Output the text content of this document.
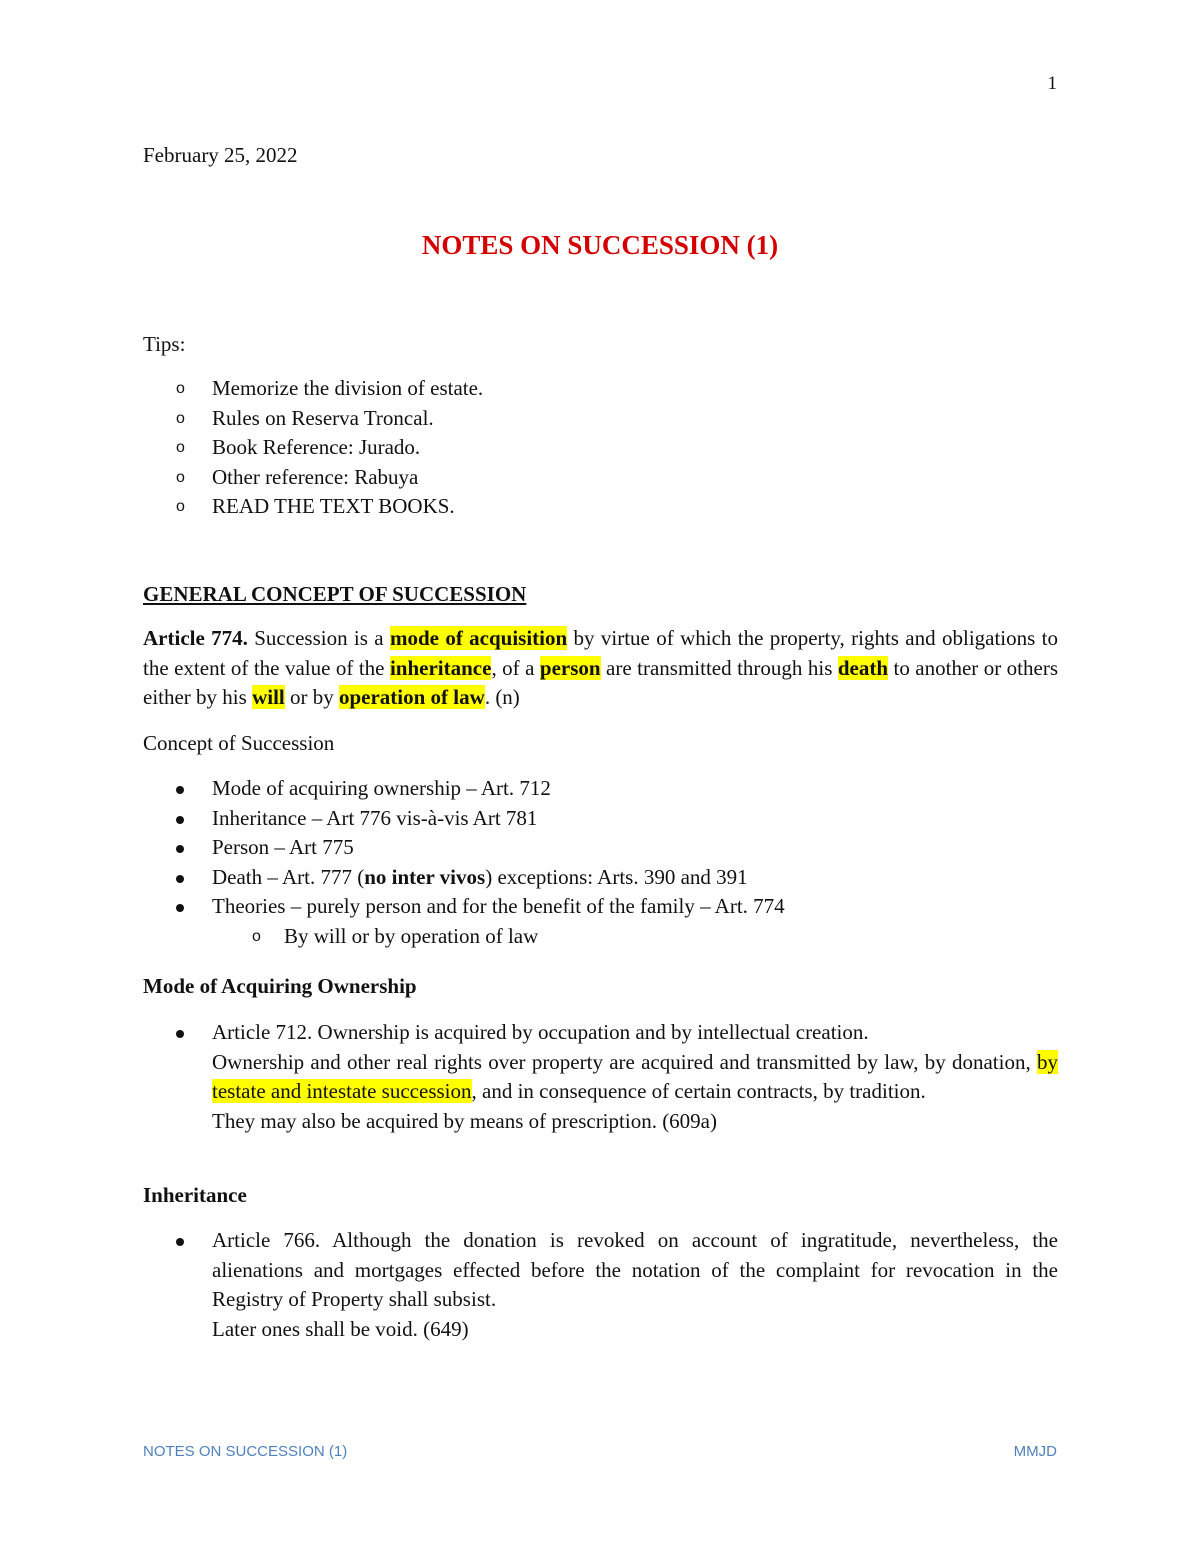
1
February 25, 2022
NOTES ON SUCCESSION (1)
Tips:
o Memorize the division of estate.
o Rules on Reserva Troncal.
o Book Reference: Jurado.
o Other reference: Rabuya
o READ THE TEXT BOOKS.
GENERAL CONCEPT OF SUCCESSION
Article 774. Succession is a mode of acquisition by virtue of which the property, rights and obligations to the extent of the value of the inheritance, of a person are transmitted through his death to another or others either by his will or by operation of law. (n)
Concept of Succession
Mode of acquiring ownership – Art. 712
Inheritance – Art 776 vis-à-vis Art 781
Person – Art 775
Death – Art. 777 (no inter vivos) exceptions: Arts. 390 and 391
Theories – purely person and for the benefit of the family – Art. 774
o By will or by operation of law
Mode of Acquiring Ownership
Article 712. Ownership is acquired by occupation and by intellectual creation.
Ownership and other real rights over property are acquired and transmitted by law, by donation, by testate and intestate succession, and in consequence of certain contracts, by tradition.
They may also be acquired by means of prescription. (609a)
Inheritance
Article 766. Although the donation is revoked on account of ingratitude, nevertheless, the alienations and mortgages effected before the notation of the complaint for revocation in the Registry of Property shall subsist.
Later ones shall be void. (649)
NOTES ON SUCCESSION (1)	MMJD
